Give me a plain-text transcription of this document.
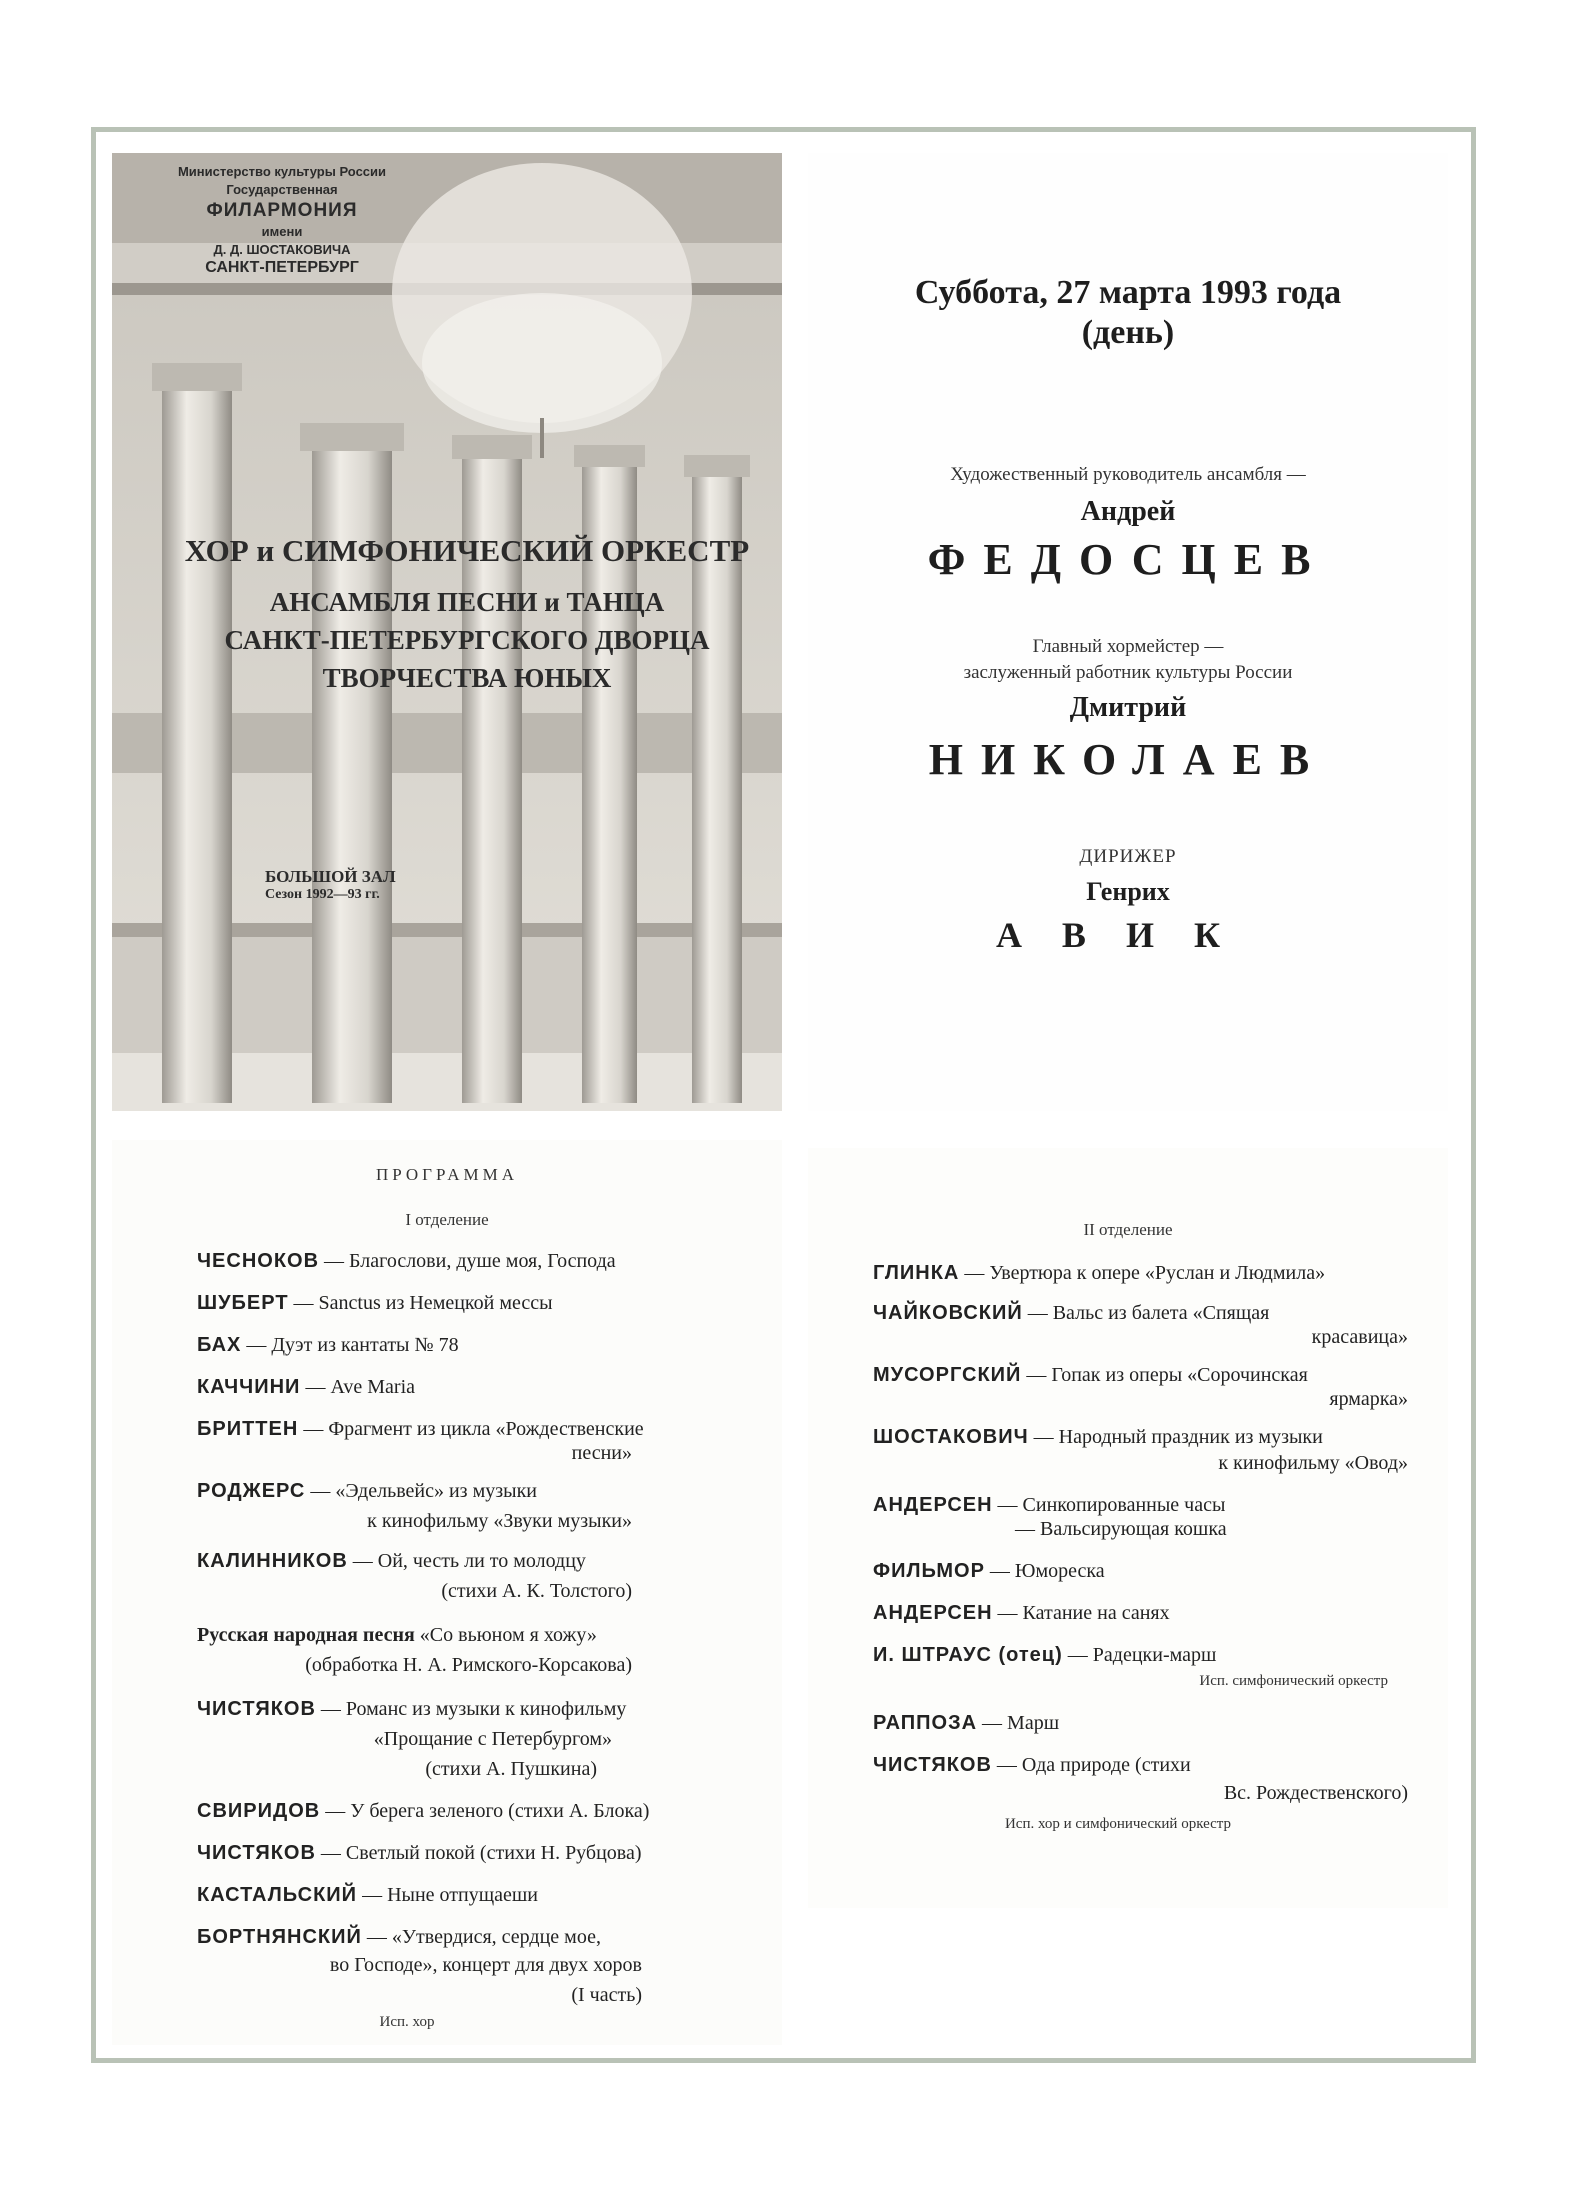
Министерство культуры России
Государственная
ФИЛАРМОНИЯ
имени
Д. Д. ШОСТАКОВИЧА
САНКТ-ПЕТЕРБУРГ
ХОР и СИМФОНИЧЕСКИЙ ОРКЕСТР
АНСАМБЛЯ ПЕСНИ и ТАНЦА
САНКТ-ПЕТЕРБУРГСКОГО ДВОРЦА
ТВОРЧЕСТВА ЮНЫХ
БОЛЬШОЙ ЗАЛ
Сезон 1992—93 гг.
Суббота, 27 марта 1993 года
(день)
Художественный руководитель ансамбля —
Андрей
ФЕДОСЦЕВ
Главный хормейстер —
заслуженный работник культуры России
Дмитрий
НИКОЛАЕВ
ДИРИЖЕР
Генрих
АВИК
ПРОГРАММА
I отделение
ЧЕСНОКОВ — Благослови, душе моя, Господа
ШУБЕРТ — Sanctus из Немецкой мессы
БАХ — Дуэт из кантаты № 78
КАЧЧИНИ — Ave Maria
БРИТТЕН — Фрагмент из цикла «Рождественские
песни»
РОДЖЕРС — «Эдельвейс» из музыки
к кинофильму «Звуки музыки»
КАЛИННИКОВ — Ой, честь ли то молодцу
(стихи А. К. Толстого)
Русская народная песня «Со вьюном я хожу»
(обработка Н. А. Римского-Корсакова)
ЧИСТЯКОВ — Романс из музыки к кинофильму
«Прощание с Петербургом»
(стихи А. Пушкина)
СВИРИДОВ — У берега зеленого (стихи А. Блока)
ЧИСТЯКОВ — Светлый покой (стихи Н. Рубцова)
КАСТАЛЬСКИЙ — Ныне отпущаеши
БОРТНЯНСКИЙ — «Утвердися, сердце мое,
во Господе», концерт для двух хоров
(I часть)
Исп. хор
II отделение
ГЛИНКА — Увертюра к опере «Руслан и Людмила»
ЧАЙКОВСКИЙ — Вальс из балета «Спящая
красавица»
МУСОРГСКИЙ — Гопак из оперы «Сорочинская
ярмарка»
ШОСТАКОВИЧ — Народный праздник из музыки
к кинофильму «Овод»
АНДЕРСЕН — Синкопированные часы
— Вальсирующая кошка
ФИЛЬМОР — Юмореска
АНДЕРСЕН — Катание на санях
И. ШТРАУС (отец) — Радецки-марш
Исп. симфонический оркестр
РАППОЗА — Марш
ЧИСТЯКОВ — Ода природе (стихи
Вс. Рождественского)
Исп. хор и симфонический оркестр
